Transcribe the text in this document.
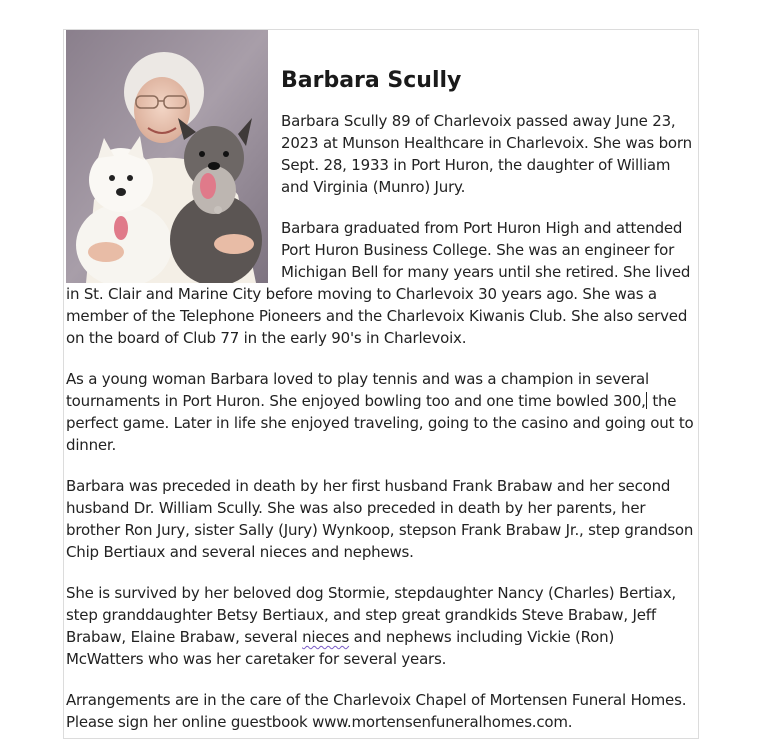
Barbara Scully

Barbara Scully 89 of Charlevoix passed away June 23, 2023 at Munson Healthcare in Charlevoix. She was born Sept. 28, 1933 in Port Huron, the daughter of William and Virginia (Munro) Jury.

Barbara graduated from Port Huron High and attended Port Huron Business College. She was an engineer for Michigan Bell for many years until she retired. She lived in St. Clair and Marine City before moving to Charlevoix 30 years ago. She was a member of the Telephone Pioneers and the Charlevoix Kiwanis Club. She also served on the board of Club 77 in the early 90's in Charlevoix.

As a young woman Barbara loved to play tennis and was a champion in several tournaments in Port Huron. She enjoyed bowling too and one time bowled 300, the perfect game. Later in life she enjoyed traveling, going to the casino and going out to dinner.

Barbara was preceded in death by her first husband Frank Brabaw and her second husband Dr. William Scully. She was also preceded in death by her parents, her brother Ron Jury, sister Sally (Jury) Wynkoop, stepson Frank Brabaw Jr., step grandson Chip Bertiaux and several nieces and nephews.

She is survived by her beloved dog Stormie, stepdaughter Nancy (Charles) Bertiax, step granddaughter Betsy Bertiaux, and step great grandkids Steve Brabaw, Jeff Brabaw, Elaine Brabaw, several nieces and nephews including Vickie (Ron) McWatters who was her caretaker for several years.

Arrangements are in the care of the Charlevoix Chapel of Mortensen Funeral Homes. Please sign her online guestbook www.mortensenfuneralhomes.com.
